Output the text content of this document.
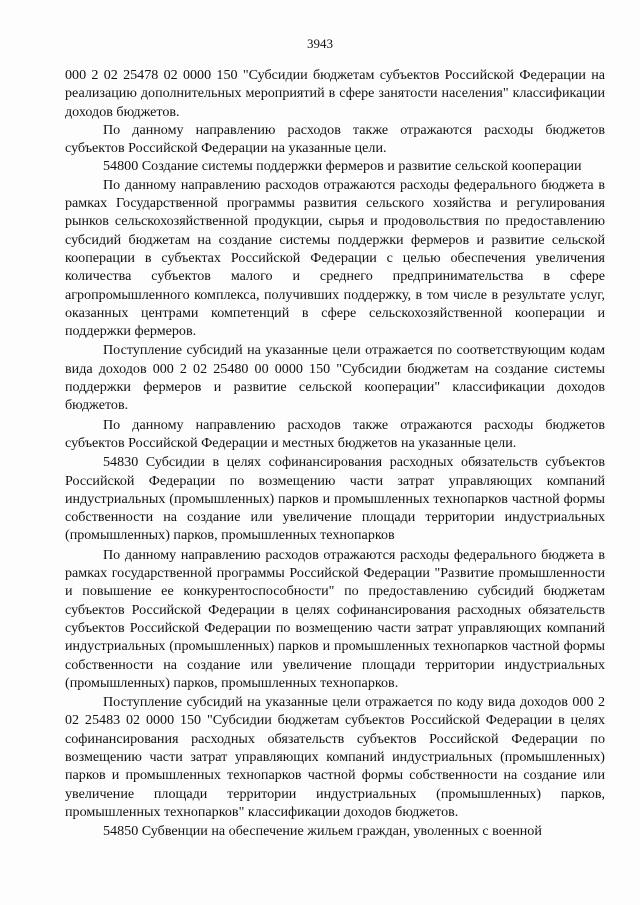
3943

000 2 02 25478 02 0000 150 "Субсидии бюджетам субъектов Российской Федерации на реализацию дополнительных мероприятий в сфере занятости населения" классификации доходов бюджетов.

По данному направлению расходов также отражаются расходы бюджетов субъектов Российской Федерации на указанные цели.

54800 Создание системы поддержки фермеров и развитие сельской кооперации

По данному направлению расходов отражаются расходы федерального бюджета в рамках Государственной программы развития сельского хозяйства и регулирования рынков сельскохозяйственной продукции, сырья и продовольствия по предоставлению субсидий бюджетам на создание системы поддержки фермеров и развитие сельской кооперации в субъектах Российской Федерации с целью обеспечения увеличения количества субъектов малого и среднего предпринимательства в сфере агропромышленного комплекса, получивших поддержку, в том числе в результате услуг, оказанных центрами компетенций в сфере сельскохозяйственной кооперации и поддержки фермеров.

Поступление субсидий на указанные цели отражается по соответствующим кодам вида доходов 000 2 02 25480 00 0000 150 "Субсидии бюджетам на создание системы поддержки фермеров и развитие сельской кооперации" классификации доходов бюджетов.

По данному направлению расходов также отражаются расходы бюджетов субъектов Российской Федерации и местных бюджетов на указанные цели.

54830 Субсидии в целях софинансирования расходных обязательств субъектов Российской Федерации по возмещению части затрат управляющих компаний индустриальных (промышленных) парков и промышленных технопарков частной формы собственности на создание или увеличение площади территории индустриальных (промышленных) парков, промышленных технопарков

По данному направлению расходов отражаются расходы федерального бюджета в рамках государственной программы Российской Федерации "Развитие промышленности и повышение ее конкурентоспособности" по предоставлению субсидий бюджетам субъектов Российской Федерации в целях софинансирования расходных обязательств субъектов Российской Федерации по возмещению части затрат управляющих компаний индустриальных (промышленных) парков и промышленных технопарков частной формы собственности на создание или увеличение площади территории индустриальных (промышленных) парков, промышленных технопарков.

Поступление субсидий на указанные цели отражается по коду вида доходов 000 2 02 25483 02 0000 150 "Субсидии бюджетам субъектов Российской Федерации в целях софинансирования расходных обязательств субъектов Российской Федерации по возмещению части затрат управляющих компаний индустриальных (промышленных) парков и промышленных технопарков частной формы собственности на создание или увеличение площади территории индустриальных (промышленных) парков, промышленных технопарков" классификации доходов бюджетов.

54850 Субвенции на обеспечение жильем граждан, уволенных с военной
